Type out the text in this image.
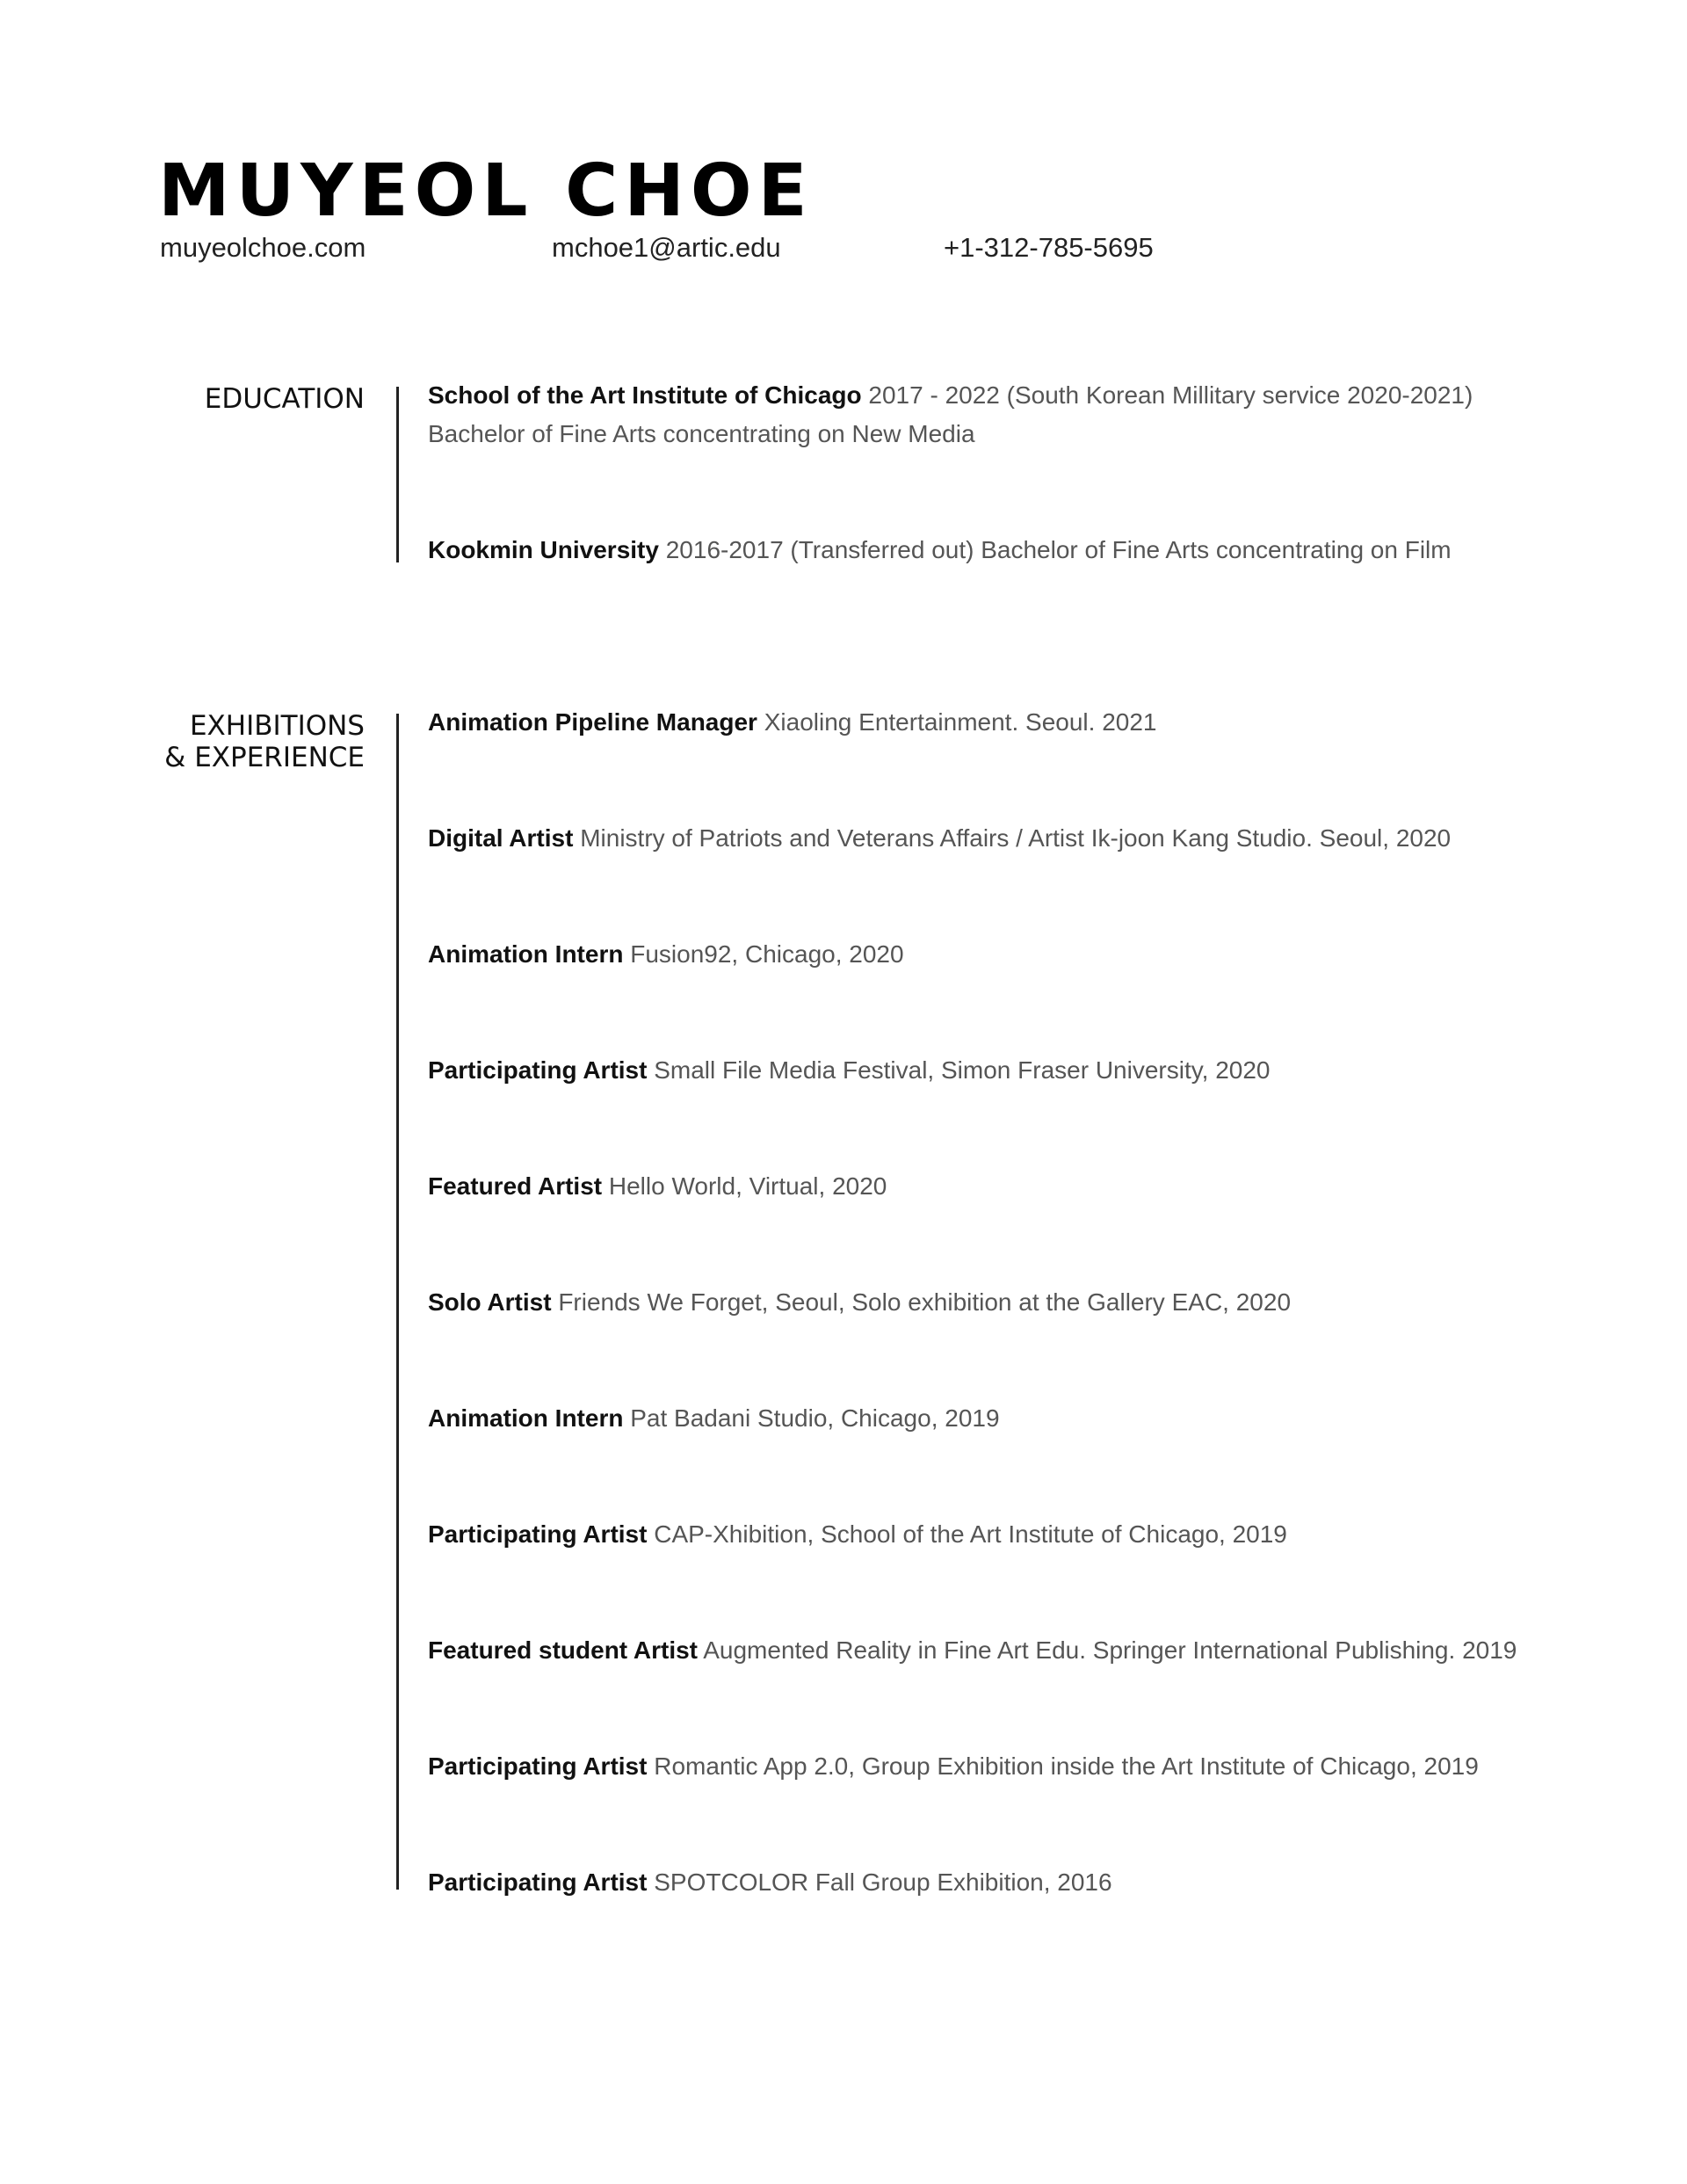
MUYEOL CHOE
muyeolchoe.com	mchoe1@artic.edu	+1-312-785-5695
EDUCATION	School of the Art Institute of Chicago 2017 - 2022 (South Korean Millitary service 2020-2021)
Bachelor of Fine Arts concentrating on New Media

Kookmin University 2016-2017 (Transferred out) Bachelor of Fine Arts concentrating on Film

EXHIBITIONS
& EXPERIENCE

Animation Pipeline Manager Xiaoling Entertainment. Seoul. 2021

Digital Artist Ministry of Patriots and Veterans Affairs / Artist Ik-joon Kang Studio. Seoul, 2020

Animation Intern Fusion92, Chicago, 2020

Participating Artist Small File Media Festival, Simon Fraser University, 2020

Featured Artist Hello World, Virtual, 2020

Solo Artist Friends We Forget, Seoul, Solo exhibition at the Gallery EAC, 2020

Animation Intern Pat Badani Studio, Chicago, 2019

Participating Artist CAP-Xhibition, School of the Art Institute of Chicago, 2019

Featured student Artist Augmented Reality in Fine Art Edu. Springer International Publishing. 2019

Participating Artist Romantic App 2.0, Group Exhibition inside the Art Institute of Chicago, 2019

Participating Artist SPOTCOLOR Fall Group Exhibition, 2016
